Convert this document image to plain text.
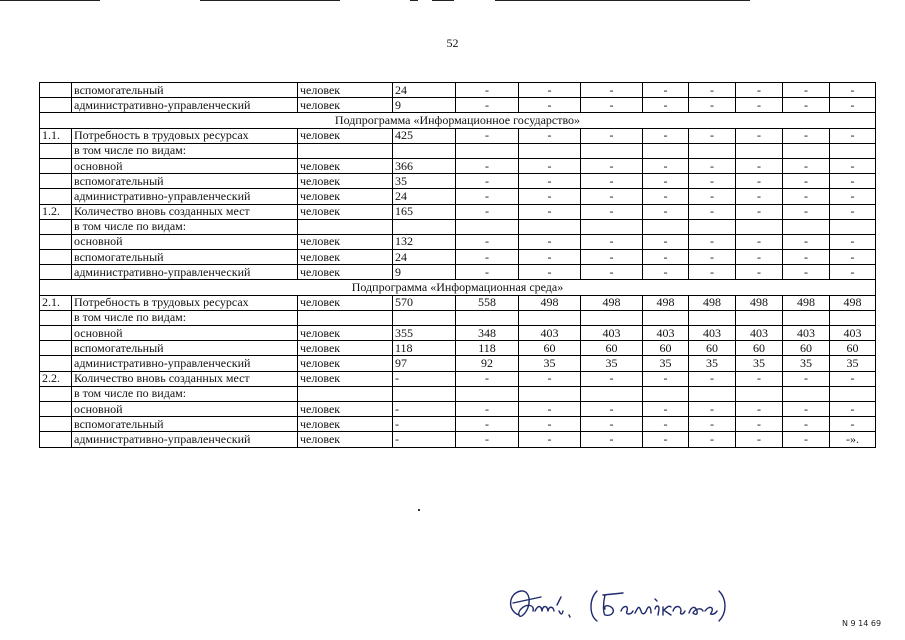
52
	вспомогательный	человек	24	-	-	-	-	-	-	-	-
	административно-управленческий	человек	9	-	-	-	-	-	-	-	-
Подпрограмма «Информационное государство»											
1.1.	Потребность в трудовых ресурсах	человек	425	-	-	-	-	-	-	-	-
	в том числе по видам:										
	основной	человек	366	-	-	-	-	-	-	-	-
	вспомогательный	человек	35	-	-	-	-	-	-	-	-
	административно-управленческий	человек	24	-	-	-	-	-	-	-	-
1.2.	Количество вновь созданных мест	человек	165	-	-	-	-	-	-	-	-
	в том числе по видам:										
	основной	человек	132	-	-	-	-	-	-	-	-
	вспомогательный	человек	24	-	-	-	-	-	-	-	-
	административно-управленческий	человек	9	-	-	-	-	-	-	-	-
Подпрограмма «Информационная среда»											
2.1.	Потребность в трудовых ресурсах	человек	570	558	498	498	498	498	498	498	498
	в том числе по видам:										
	основной	человек	355	348	403	403	403	403	403	403	403
	вспомогательный	человек	118	118	60	60	60	60	60	60	60
	административно-управленческий	человек	97	92	35	35	35	35	35	35	35
2.2.	Количество вновь созданных мест	человек	-	-	-	-	-	-	-	-	-
	в том числе по видам:										
	основной	человек	-	-	-	-	-	-	-	-	-
	вспомогательный	человек	-	-	-	-	-	-	-	-	-
	административно-управленческий	человек	-	-	-	-	-	-	-	-	-».
N 9 14 69
